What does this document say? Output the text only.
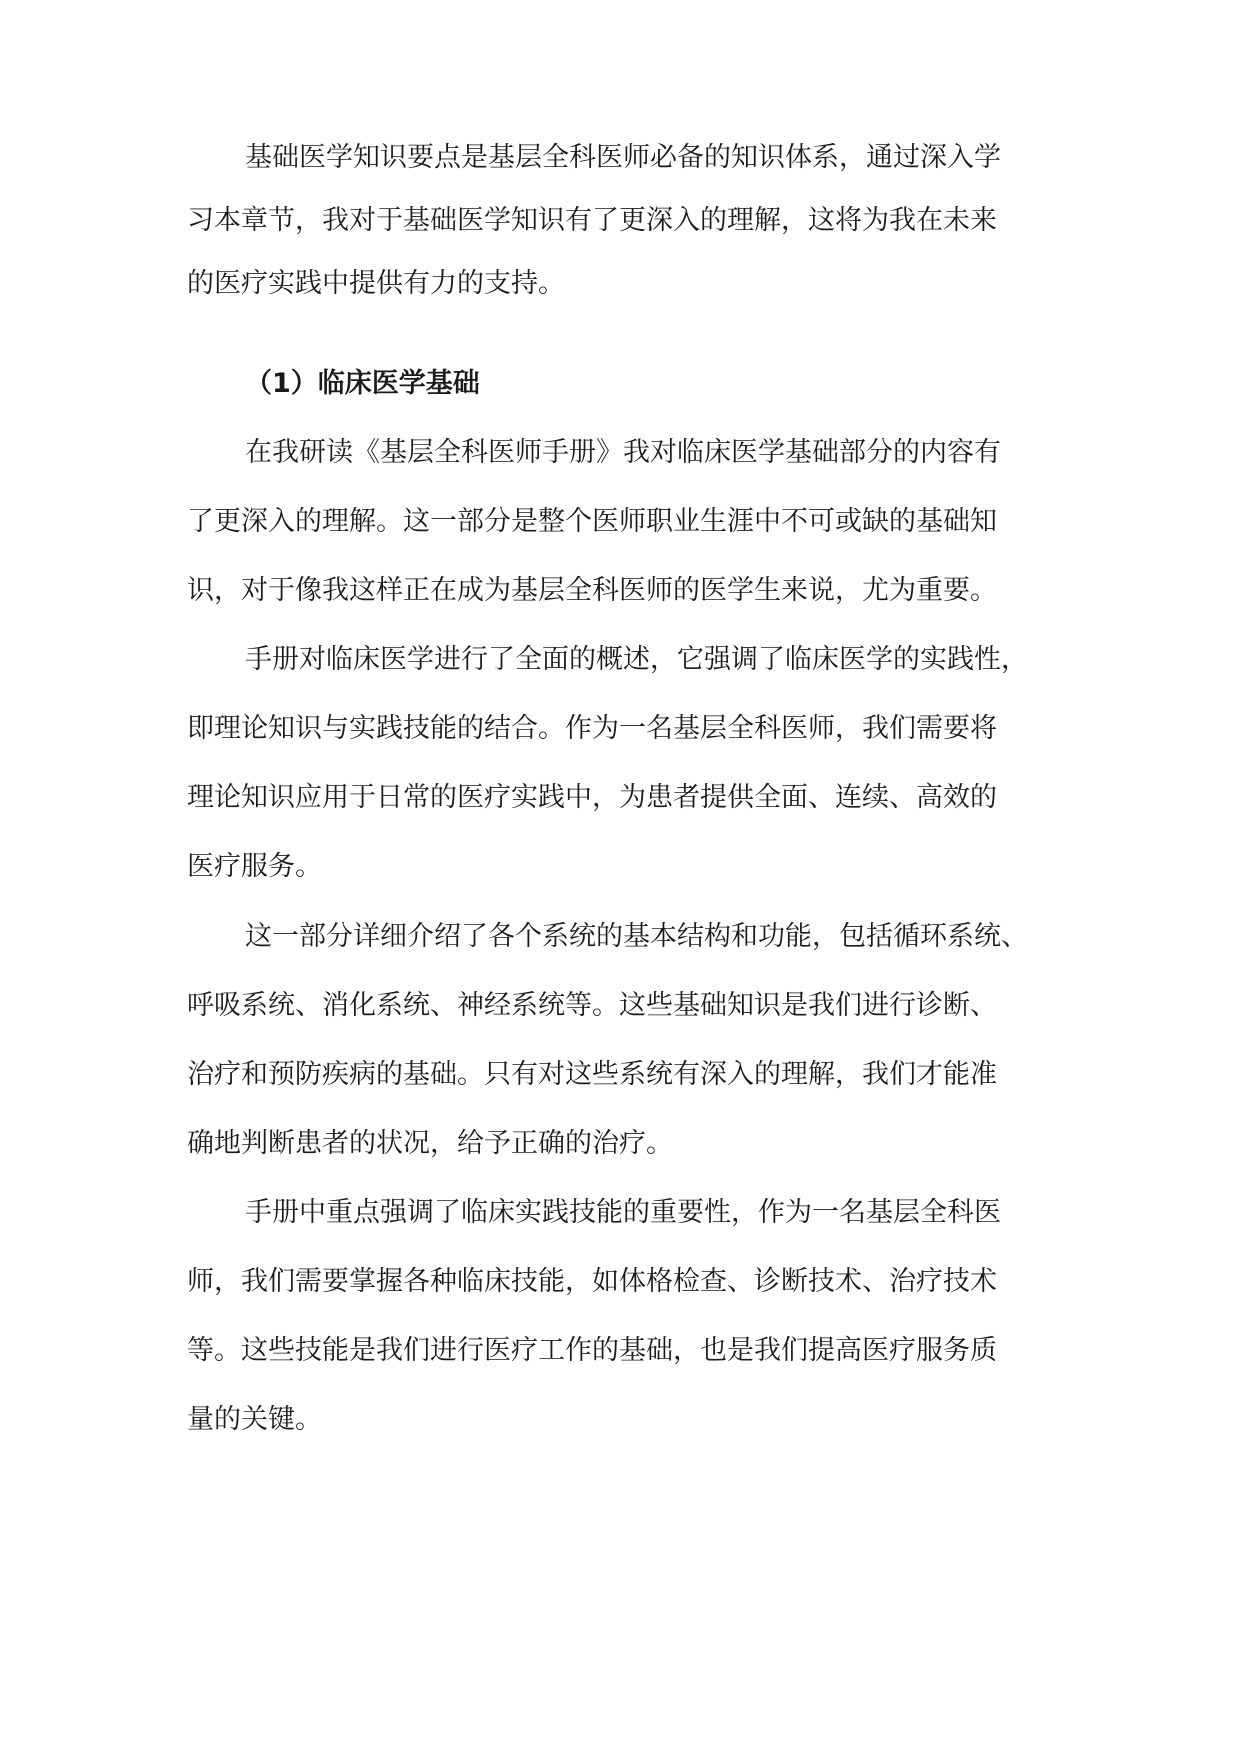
基础医学知识要点是基层全科医师必备的知识体系，通过深入学

习本章节，我对于基础医学知识有了更深入的理解，这将为我在未来

的医疗实践中提供有力的支持。

（1）临床医学基础

在我研读《基层全科医师手册》我对临床医学基础部分的内容有

了更深入的理解。这一部分是整个医师职业生涯中不可或缺的基础知

识，对于像我这样正在成为基层全科医师的医学生来说，尤为重要。

手册对临床医学进行了全面的概述，它强调了临床医学的实践性，

即理论知识与实践技能的结合。作为一名基层全科医师，我们需要将

理论知识应用于日常的医疗实践中，为患者提供全面、连续、高效的

医疗服务。

这一部分详细介绍了各个系统的基本结构和功能，包括循环系统、

呼吸系统、消化系统、神经系统等。这些基础知识是我们进行诊断、

治疗和预防疾病的基础。只有对这些系统有深入的理解，我们才能准

确地判断患者的状况，给予正确的治疗。

手册中重点强调了临床实践技能的重要性，作为一名基层全科医

师，我们需要掌握各种临床技能，如体格检查、诊断技术、治疗技术

等。这些技能是我们进行医疗工作的基础，也是我们提高医疗服务质

量的关键。
